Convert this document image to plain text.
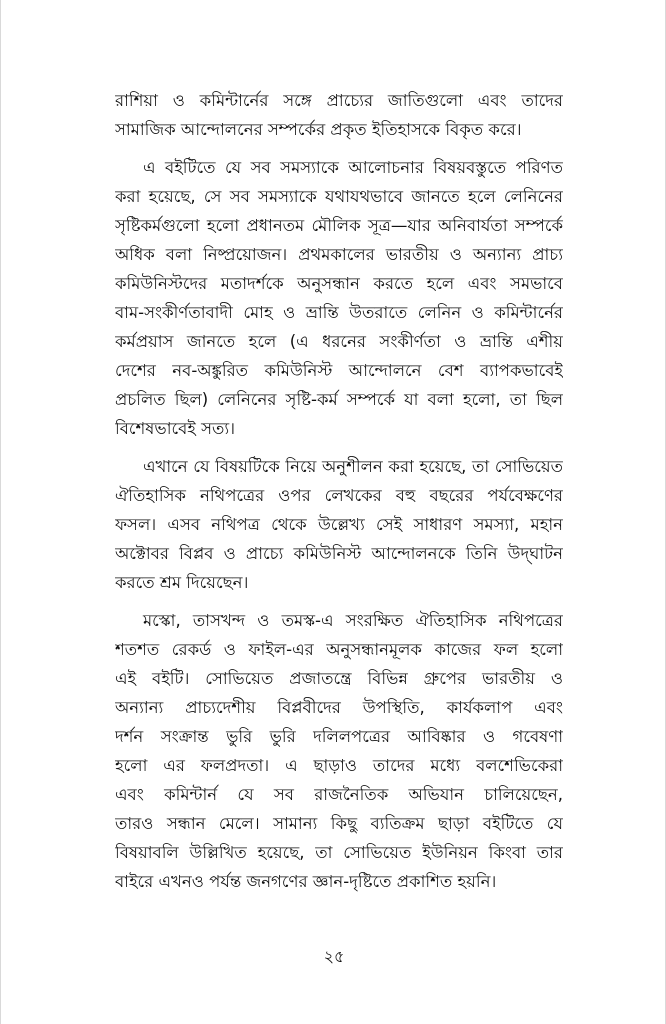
রাশিয়া ও কমিন্টার্নের সঙ্গে প্রাচ্যের জাতিগুলো এবং তাদের
সামাজিক আন্দোলনের সম্পর্কের প্রকৃত ইতিহাসকে বিকৃত করে।
এ বইটিতে যে সব সমস্যাকে আলোচনার বিষয়বস্তুতে পরিণত
করা হয়েছে, সে সব সমস্যাকে যথাযথভাবে জানতে হলে লেনিনের
সৃষ্টিকর্মগুলো হলো প্রধানতম মৌলিক সূত্র—যার অনিবার্যতা সম্পর্কে
অধিক বলা নিষ্প্রয়োজন। প্রথমকালের ভারতীয় ও অন্যান্য প্রাচ্য
কমিউনিস্টদের মতাদর্শকে অনুসন্ধান করতে হলে এবং সমভাবে
বাম-সংকীর্ণতাবাদী মোহ ও ভ্রান্তি উতরাতে লেনিন ও কমিন্টার্নের
কর্মপ্রয়াস জানতে হলে (এ ধরনের সংকীর্ণতা ও ভ্রান্তি এশীয়
দেশের নব-অঙ্কুরিত কমিউনিস্ট আন্দোলনে বেশ ব্যাপকভাবেই
প্রচলিত ছিল) লেনিনের সৃষ্টি-কর্ম সম্পর্কে যা বলা হলো, তা ছিল
বিশেষভাবেই সত্য।
এখানে যে বিষয়টিকে নিয়ে অনুশীলন করা হয়েছে, তা সোভিয়েত
ঐতিহাসিক নথিপত্রের ওপর লেখকের বহু বছরের পর্যবেক্ষণের
ফসল। এসব নথিপত্র থেকে উল্লেখ্য সেই সাধারণ সমস্যা, মহান
অক্টোবর বিপ্লব ও প্রাচ্যে কমিউনিস্ট আন্দোলনকে তিনি উদ্‌ঘাটন
করতে শ্রম দিয়েছেন।
মস্কো, তাসখন্দ ও তমস্ক-এ সংরক্ষিত ঐতিহাসিক নথিপত্রের
শতশত রেকর্ড ও ফাইল-এর অনুসন্ধানমূলক কাজের ফল হলো
এই বইটি। সোভিয়েত প্রজাতন্ত্রে বিভিন্ন গ্রুপের ভারতীয় ও
অন্যান্য প্রাচ্যদেশীয় বিপ্লবীদের উপস্থিতি, কার্যকলাপ এবং
দর্শন সংক্রান্ত ভুরি ভুরি দলিলপত্রের আবিষ্কার ও গবেষণা
হলো এর ফলপ্রদতা। এ ছাড়াও তাদের মধ্যে বলশেভিকেরা
এবং কমিন্টার্ন যে সব রাজনৈতিক অভিযান চালিয়েছেন,
তারও সন্ধান মেলে। সামান্য কিছু ব্যতিক্রম ছাড়া বইটিতে যে
বিষয়াবলি উল্লিখিত হয়েছে, তা সোভিয়েত ইউনিয়ন কিংবা তার
বাইরে এখনও পর্যন্ত জনগণের জ্ঞান-দৃষ্টিতে প্রকাশিত হয়নি।
২৫
